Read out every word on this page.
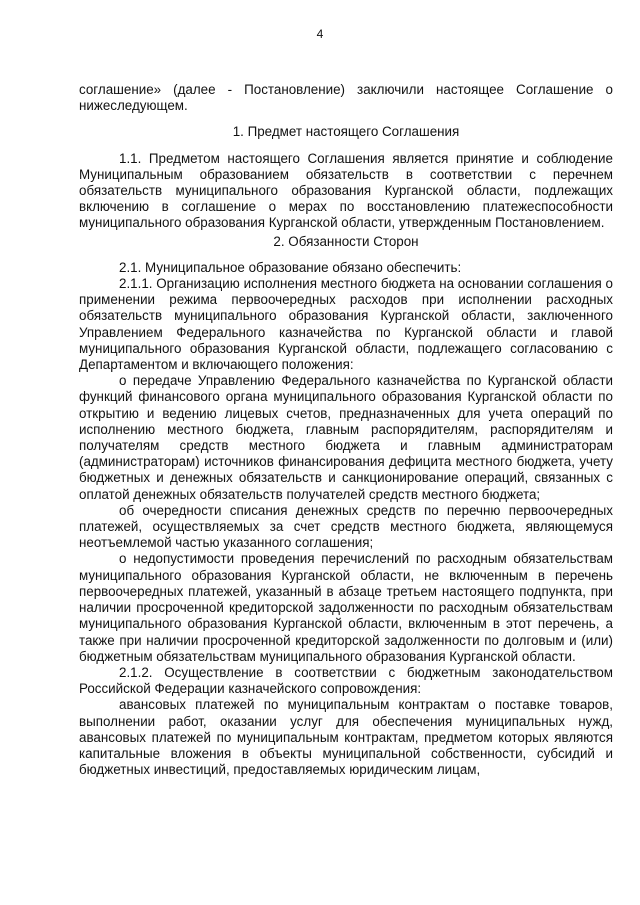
4

соглашение» (далее - Постановление) заключили настоящее Соглашение о нижеследующем.

1. Предмет настоящего Соглашения

1.1. Предметом настоящего Соглашения является принятие и соблюдение Муниципальным образованием обязательств в соответствии с перечнем обязательств муниципального образования Курганской области, подлежащих включению в соглашение о мерах по восстановлению платежеспособности муниципального образования Курганской области, утвержденным Постановлением.

2. Обязанности Сторон

2.1. Муниципальное образование обязано обеспечить:

2.1.1. Организацию исполнения местного бюджета на основании соглашения о применении режима первоочередных расходов при исполнении расходных обязательств муниципального образования Курганской области, заключенного Управлением Федерального казначейства по Курганской области и главой муниципального образования Курганской области, подлежащего согласованию с Департаментом и включающего положения:

о передаче Управлению Федерального казначейства по Курганской области функций финансового органа муниципального образования Курганской области по открытию и ведению лицевых счетов, предназначенных для учета операций по исполнению местного бюджета, главным распорядителям, распорядителям и получателям средств местного бюджета и главным администраторам (администраторам) источников финансирования дефицита местного бюджета, учету бюджетных и денежных обязательств и санкционирование операций, связанных с оплатой денежных обязательств получателей средств местного бюджета;

об очередности списания денежных средств по перечню первоочередных платежей, осуществляемых за счет средств местного бюджета, являющемуся неотъемлемой частью указанного соглашения;

о недопустимости проведения перечислений по расходным обязательствам муниципального образования Курганской области, не включенным в перечень первоочередных платежей, указанный в абзаце третьем настоящего подпункта, при наличии просроченной кредиторской задолженности по расходным обязательствам муниципального образования Курганской области, включенным в этот перечень, а также при наличии просроченной кредиторской задолженности по долговым и (или) бюджетным обязательствам муниципального образования Курганской области.

2.1.2. Осуществление в соответствии с бюджетным законодательством Российской Федерации казначейского сопровождения:

авансовых платежей по муниципальным контрактам о поставке товаров, выполнении работ, оказании услуг для обеспечения муниципальных нужд, авансовых платежей по муниципальным контрактам, предметом которых являются капитальные вложения в объекты муниципальной собственности, субсидий и бюджетных инвестиций, предоставляемых юридическим лицам,
